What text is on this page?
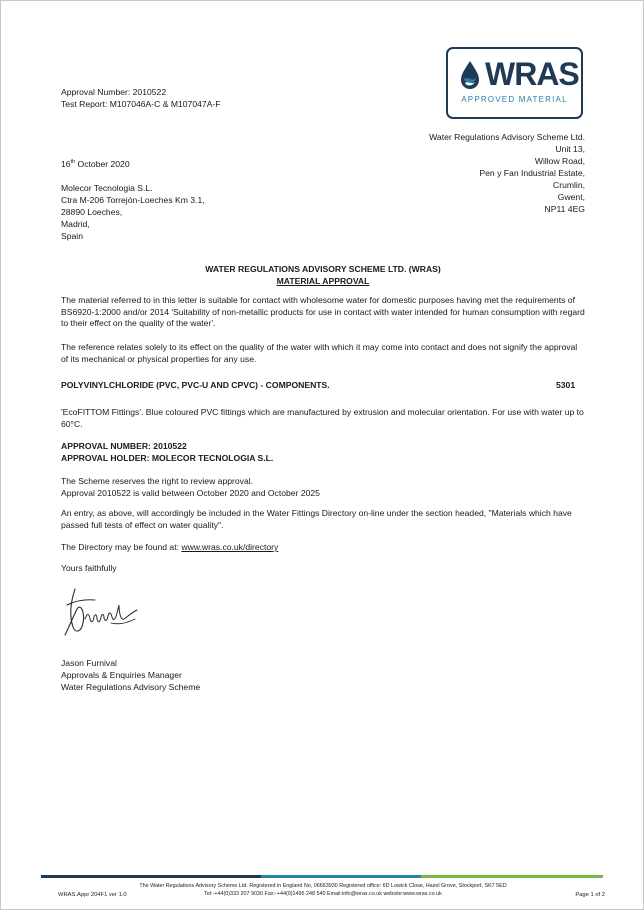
Approval Number: 2010522
Test Report: M107046A-C & M107047A-F
WRAS
APPROVED MATERIAL
Water Regulations Advisory Scheme Ltd.
Unit 13,
Willow Road,
Pen y Fan Industrial Estate,
Crumlin,
Gwent,
NP11 4EG
16th October 2020
Molecor Tecnologia S.L.
Ctra M-206 Torrejón-Loeches Km 3.1,
28890 Loeches,
Madrid,
Spain
WATER REGULATIONS ADVISORY SCHEME LTD. (WRAS)
MATERIAL APPROVAL
The material referred to in this letter is suitable for contact with wholesome water for domestic purposes having met the requirements of BS6920-1:2000 and/or 2014 'Suitability of non-metallic products for use in contact with water intended for human consumption with regard to their effect on the quality of the water'.
The reference relates solely to its effect on the quality of the water with which it may come into contact and does not signify the approval of its mechanical or physical properties for any use.
POLYVINYLCHLORIDE (PVC, PVC-U AND CPVC) - COMPONENTS.	5301
'EcoFITTOM Fittings'. Blue coloured PVC fittings which are manufactured by extrusion and molecular orientation. For use with water up to 60°C.
APPROVAL NUMBER: 2010522
APPROVAL HOLDER: MOLECOR TECNOLOGIA S.L.
The Scheme reserves the right to review approval.
Approval 2010522 is valid between October 2020 and October 2025
An entry, as above, will accordingly be included in the Water Fittings Directory on-line under the section headed, "Materials which have passed full tests of effect on water quality".
The Directory may be found at: www.wras.co.uk/directory
Yours faithfully
Jason Furnival
Approvals & Enquiries Manager
Water Regulations Advisory Scheme
The Water Regulations Advisory Scheme Ltd. Registered in England No, 06663930 Registered office: 6D Lowick Close, Hazel Grove, Stockport, SK7 5ED
Tel:-+44(0)333 207 9030 Fax:-+44(0)1495 248 540 Email:info@wras.co.uk website:www.wras.co.uk
WRAS.Appr 204F1 ver 1.0	Page 1 of 2
